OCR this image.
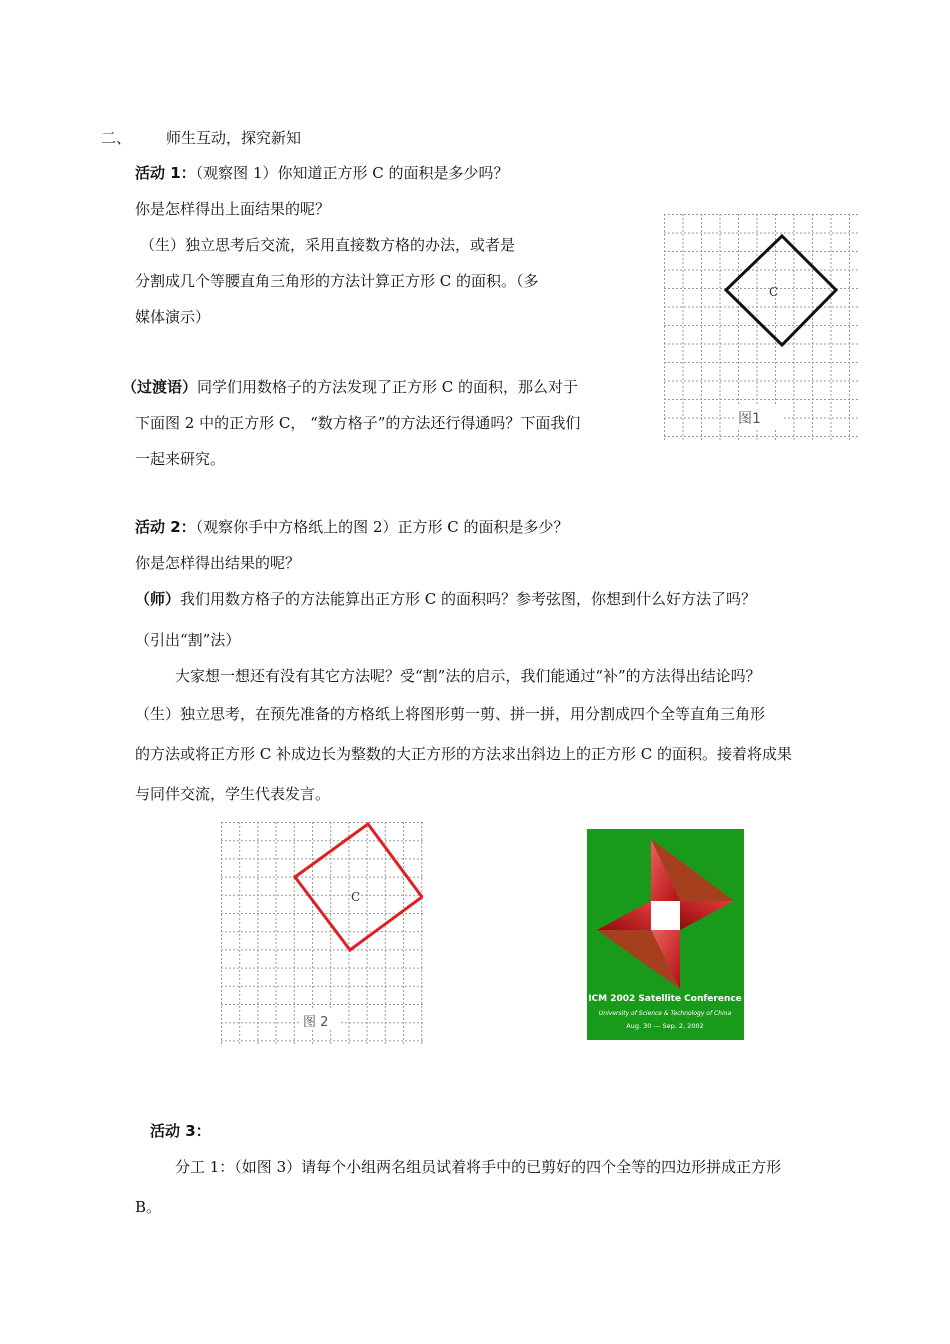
二、 师生互动，探究新知
活动 1：（观察图 1）你知道正方形 C 的面积是多少吗？
你是怎样得出上面结果的呢？
（生）独立思考后交流，采用直接数方格的办法，或者是
分割成几个等腰直角三角形的方法计算正方形 C 的面积。（多
媒体演示）
C
图1
（过渡语）同学们用数格子的方法发现了正方形 C 的面积，那么对于
下面图 2 中的正方形 C， “数方格子”的方法还行得通吗？下面我们
一起来研究。
活动 2：（观察你手中方格纸上的图 2）正方形 C 的面积是多少？
你是怎样得出结果的呢？
（师）我们用数方格子的方法能算出正方形 C 的面积吗？参考弦图，你想到什么好方法了吗？
（引出“割”法）
大家想一想还有没有其它方法呢？受“割”法的启示，我们能通过“补”的方法得出结论吗？
（生）独立思考，在预先准备的方格纸上将图形剪一剪、拼一拼，用分割成四个全等直角三角形
的方法或将正方形 C 补成边长为整数的大正方形的方法求出斜边上的正方形 C 的面积。接着将成果
与同伴交流，学生代表发言。
C
图 2
ICM 2002 Satellite Conference
University of Science & Technology of China
Aug. 30 --- Sep. 2, 2002
活动 3：
分工 1：（如图 3）请每个小组两名组员试着将手中的已剪好的四个全等的四边形拼成正方形
B。
